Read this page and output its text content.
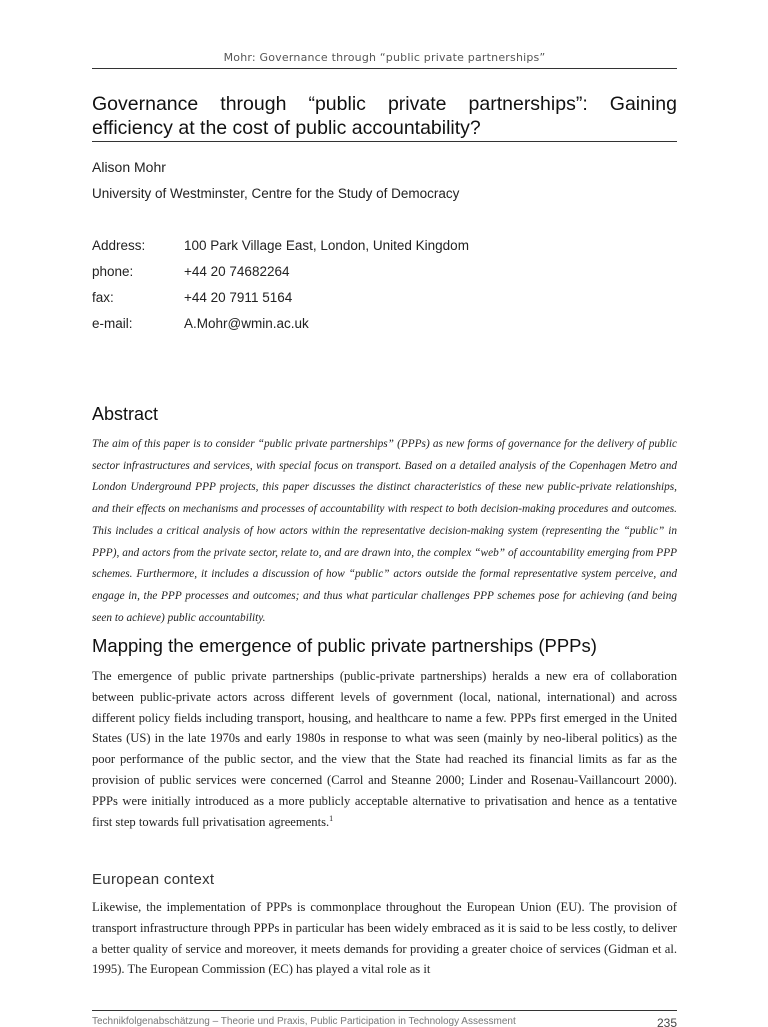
Mohr: Governance through “public private partnerships”
Governance through “public private partnerships”: Gaining efficiency at the cost of public accountability?
Alison Mohr
University of Westminster, Centre for the Study of Democracy
Address:	100 Park Village East, London, United Kingdom
phone:	+44 20 74682264
fax:	+44 20 7911 5164
e-mail:	A.Mohr@wmin.ac.uk
Abstract
The aim of this paper is to consider “public private partnerships” (PPPs) as new forms of governance for the delivery of public sector infrastructures and services, with special focus on transport. Based on a detailed analysis of the Copenhagen Metro and London Underground PPP projects, this paper discusses the distinct characteristics of these new public-private relationships, and their effects on mechanisms and processes of accountability with respect to both decision-making procedures and outcomes. This includes a critical analysis of how actors within the representative decision-making system (representing the “public” in PPP), and actors from the private sector, relate to, and are drawn into, the complex “web” of accountability emerging from PPP schemes. Furthermore, it includes a discussion of how “public” actors outside the formal representative system perceive, and engage in, the PPP processes and outcomes; and thus what particular challenges PPP schemes pose for achieving (and being seen to achieve) public accountability.
Mapping the emergence of public private partnerships (PPPs)
The emergence of public private partnerships (public-private partnerships) heralds a new era of collaboration between public-private actors across different levels of government (local, national, international) and across different policy fields including transport, housing, and healthcare to name a few. PPPs first emerged in the United States (US) in the late 1970s and early 1980s in response to what was seen (mainly by neo-liberal politics) as the poor performance of the public sector, and the view that the State had reached its financial limits as far as the provision of public services were concerned (Carrol and Steanne 2000; Linder and Rosenau-Vaillancourt 2000). PPPs were initially introduced as a more publicly acceptable alternative to privatisation and hence as a tentative first step towards full privatisation agreements.$^1$
European context
Likewise, the implementation of PPPs is commonplace throughout the European Union (EU). The provision of transport infrastructure through PPPs in particular has been widely embraced as it is said to be less costly, to deliver a better quality of service and moreover, it meets demands for providing a greater choice of services (Gidman et al. 1995). The European Commission (EC) has played a vital role as it
Technikfolgenabschätzung – Theorie und Praxis, Public Participation in Technology Assessment	235
